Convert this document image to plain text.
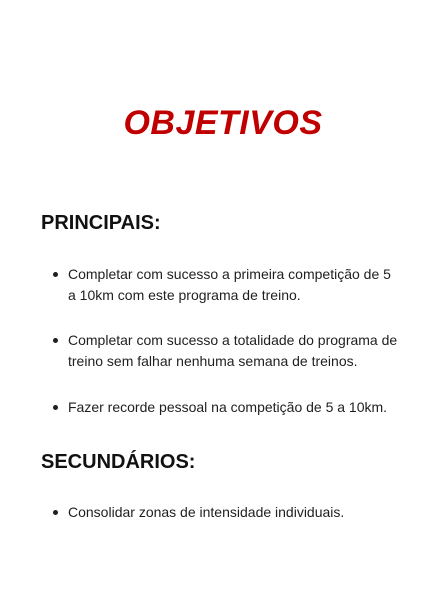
OBJETIVOS
PRINCIPAIS:
Completar com sucesso a primeira competição de 5 a 10km com este programa de treino.
Completar com sucesso a totalidade do programa de treino sem falhar nenhuma semana de treinos.
Fazer recorde pessoal na competição de 5 a 10km.
SECUNDÁRIOS:
Consolidar zonas de intensidade individuais.
